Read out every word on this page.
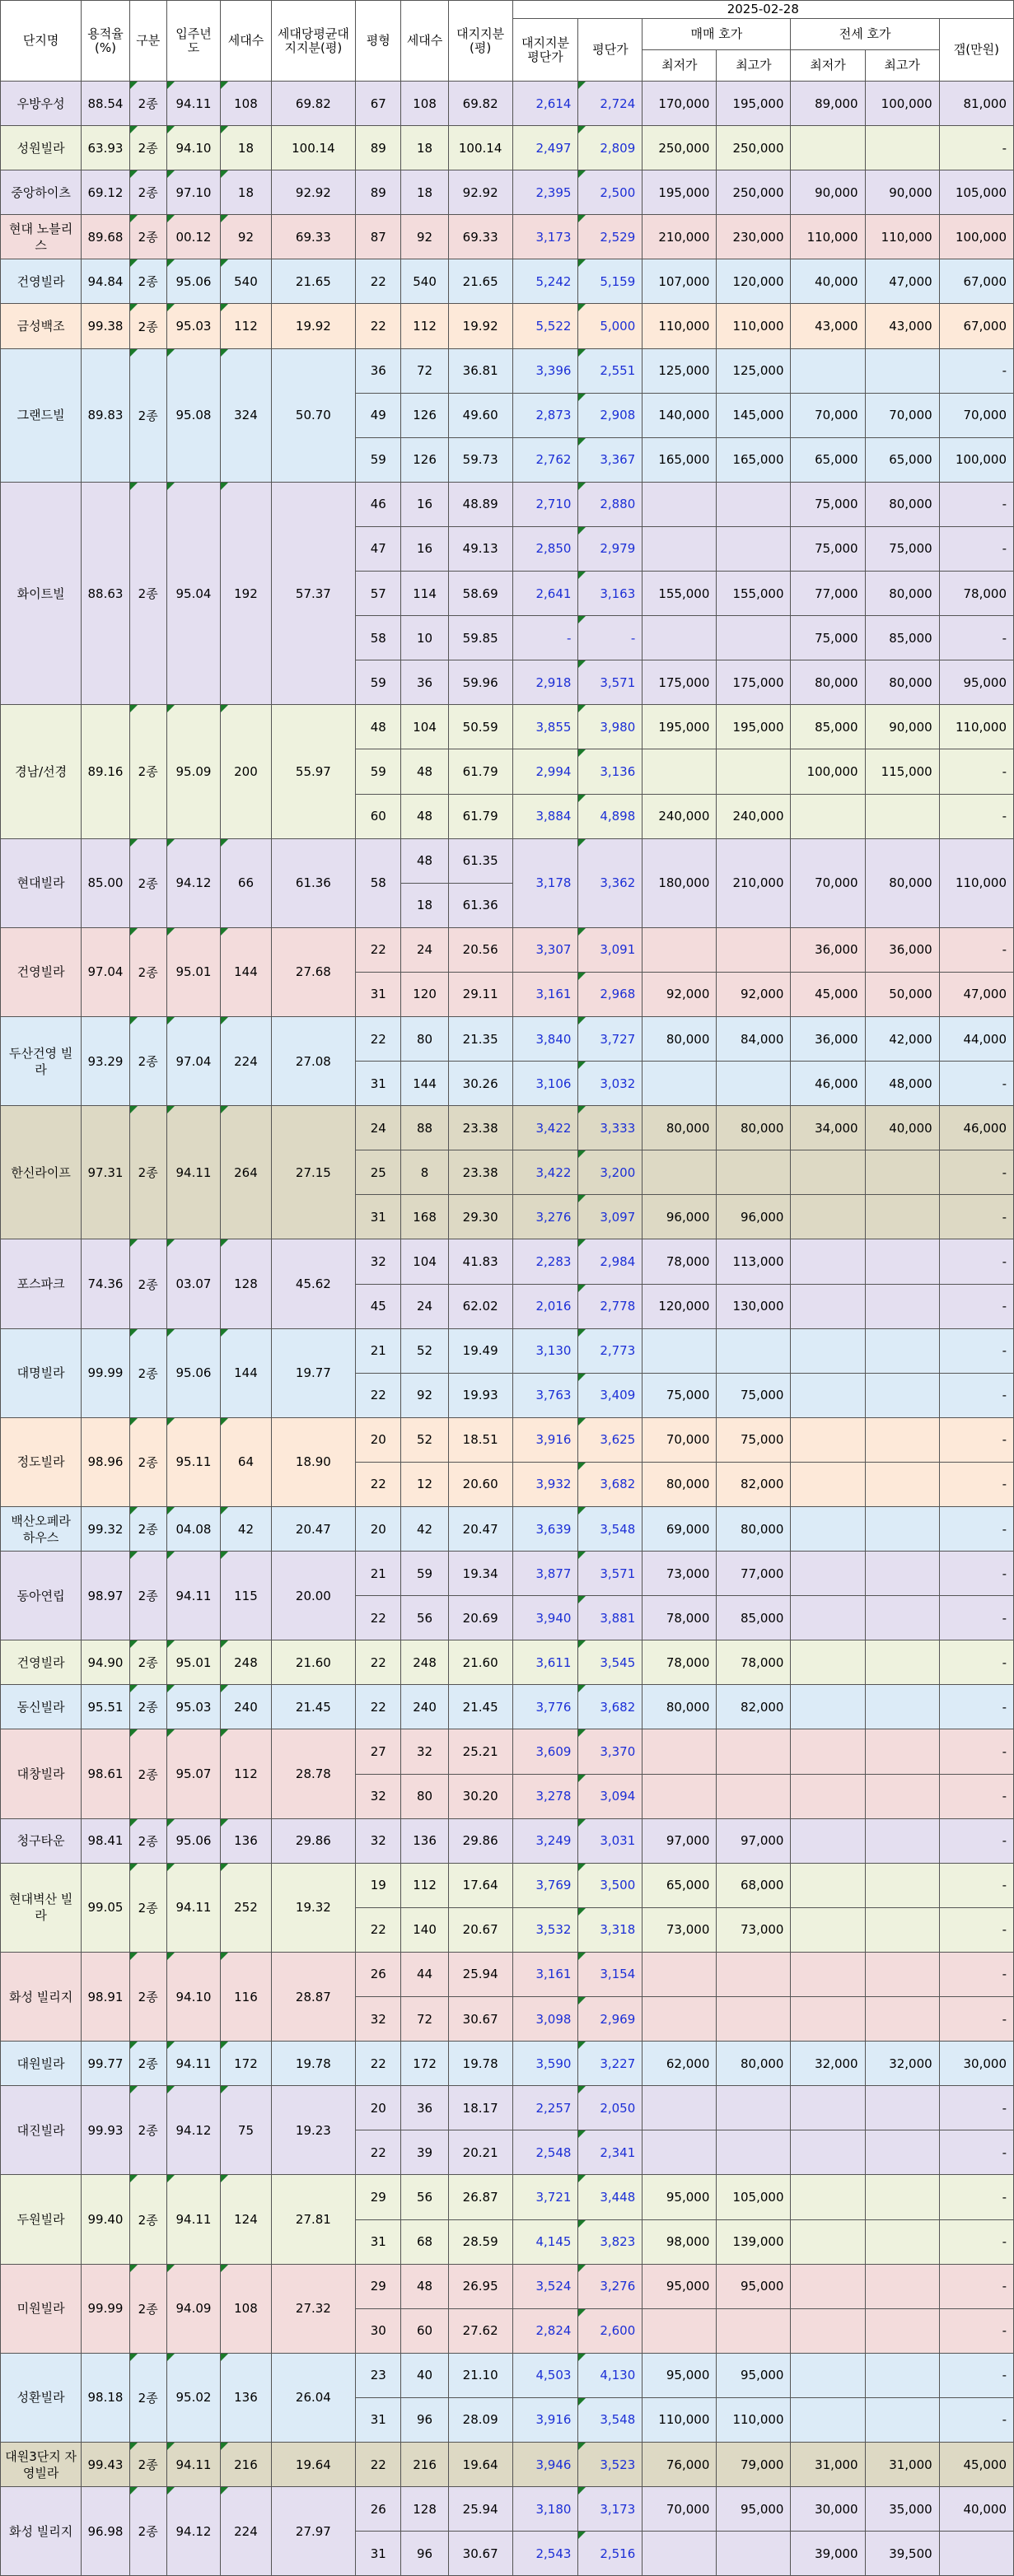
단지명	용적율(%)	구분	입주년도	세대수	세대당평균대지지분(평)	평형	세대수	대지지분(평)	2025-02-28						
									대지지분평단가	평단가	매매 호가		전세 호가		갭(만원)
											최저가	최고가	최저가	최고가	
우방우성	88.54	2종	94.11	108	69.82	67	108	69.82	2,614	2,724	170,000	195,000	89,000	100,000	81,000
성원빌라	63.93	2종	94.10	18	100.14	89	18	100.14	2,497	2,809	250,000	250,000			-
중앙하이츠	69.12	2종	97.10	18	92.92	89	18	92.92	2,395	2,500	195,000	250,000	90,000	90,000	105,000
현대 노블리스	89.68	2종	00.12	92	69.33	87	92	69.33	3,173	2,529	210,000	230,000	110,000	110,000	100,000
건영빌라	94.84	2종	95.06	540	21.65	22	540	21.65	5,242	5,159	107,000	120,000	40,000	47,000	67,000
금성백조	99.38	2종	95.03	112	19.92	22	112	19.92	5,522	5,000	110,000	110,000	43,000	43,000	67,000
그랜드빌	89.83	2종	95.08	324	50.70	36	72	36.81	3,396	2,551	125,000	125,000			-
						49	126	49.60	2,873	2,908	140,000	145,000	70,000	70,000	70,000
						59	126	59.73	2,762	3,367	165,000	165,000	65,000	65,000	100,000
화이트빌	88.63	2종	95.04	192	57.37	46	16	48.89	2,710	2,880			75,000	80,000	-
						47	16	49.13	2,850	2,979			75,000	75,000	-
						57	114	58.69	2,641	3,163	155,000	155,000	77,000	80,000	78,000
						58	10	59.85	-	-			75,000	85,000	-
						59	36	59.96	2,918	3,571	175,000	175,000	80,000	80,000	95,000
경남/선경	89.16	2종	95.09	200	55.97	48	104	50.59	3,855	3,980	195,000	195,000	85,000	90,000	110,000
						59	48	61.79	2,994	3,136			100,000	115,000	-
						60	48	61.79	3,884	4,898	240,000	240,000			-
현대빌라	85.00	2종	94.12	66	61.36	58	48	61.35	3,178	3,362	180,000	210,000	70,000	80,000	110,000
							18	61.36							
건영빌라	97.04	2종	95.01	144	27.68	22	24	20.56	3,307	3,091			36,000	36,000	-
						31	120	29.11	3,161	2,968	92,000	92,000	45,000	50,000	47,000
두산건영 빌라	93.29	2종	97.04	224	27.08	22	80	21.35	3,840	3,727	80,000	84,000	36,000	42,000	44,000
						31	144	30.26	3,106	3,032			46,000	48,000	-
한신라이프	97.31	2종	94.11	264	27.15	24	88	23.38	3,422	3,333	80,000	80,000	34,000	40,000	46,000
						25	8	23.38	3,422	3,200					-
						31	168	29.30	3,276	3,097	96,000	96,000			-
포스파크	74.36	2종	03.07	128	45.62	32	104	41.83	2,283	2,984	78,000	113,000			-
						45	24	62.02	2,016	2,778	120,000	130,000			-
대명빌라	99.99	2종	95.06	144	19.77	21	52	19.49	3,130	2,773					-
						22	92	19.93	3,763	3,409	75,000	75,000			-
정도빌라	98.96	2종	95.11	64	18.90	20	52	18.51	3,916	3,625	70,000	75,000			-
						22	12	20.60	3,932	3,682	80,000	82,000			-
백산오페라 하우스	99.32	2종	04.08	42	20.47	20	42	20.47	3,639	3,548	69,000	80,000			-
동아연립	98.97	2종	94.11	115	20.00	21	59	19.34	3,877	3,571	73,000	77,000			-
						22	56	20.69	3,940	3,881	78,000	85,000			-
건영빌라	94.90	2종	95.01	248	21.60	22	248	21.60	3,611	3,545	78,000	78,000			-
동신빌라	95.51	2종	95.03	240	21.45	22	240	21.45	3,776	3,682	80,000	82,000			-
대창빌라	98.61	2종	95.07	112	28.78	27	32	25.21	3,609	3,370					-
						32	80	30.20	3,278	3,094					-
청구타운	98.41	2종	95.06	136	29.86	32	136	29.86	3,249	3,031	97,000	97,000			-
현대벽산 빌라	99.05	2종	94.11	252	19.32	19	112	17.64	3,769	3,500	65,000	68,000			-
						22	140	20.67	3,532	3,318	73,000	73,000			-
화성 빌리지	98.91	2종	94.10	116	28.87	26	44	25.94	3,161	3,154					-
						32	72	30.67	3,098	2,969					-
대원빌라	99.77	2종	94.11	172	19.78	22	172	19.78	3,590	3,227	62,000	80,000	32,000	32,000	30,000
대진빌라	99.93	2종	94.12	75	19.23	20	36	18.17	2,257	2,050					-
						22	39	20.21	2,548	2,341					-
두원빌라	99.40	2종	94.11	124	27.81	29	56	26.87	3,721	3,448	95,000	105,000			-
						31	68	28.59	4,145	3,823	98,000	139,000			-
미원빌라	99.99	2종	94.09	108	27.32	29	48	26.95	3,524	3,276	95,000	95,000			-
						30	60	27.62	2,824	2,600					-
성환빌라	98.18	2종	95.02	136	26.04	23	40	21.10	4,503	4,130	95,000	95,000			-
						31	96	28.09	3,916	3,548	110,000	110,000			-
대원3단지 자영빌라	99.43	2종	94.11	216	19.64	22	216	19.64	3,946	3,523	76,000	79,000	31,000	31,000	45,000
화성 빌리지	96.98	2종	94.12	224	27.97	26	128	25.94	3,180	3,173	70,000	95,000	30,000	35,000	40,000
						31	96	30.67	2,543	2,516			39,000	39,500	
